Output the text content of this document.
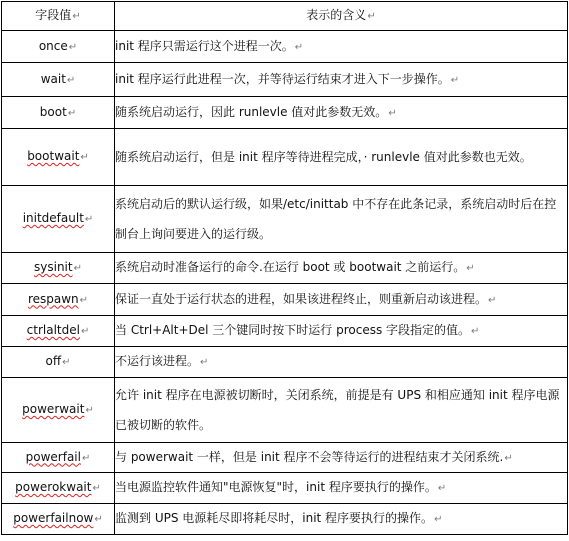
字段值↵	表示的含义↵
once↵	init 程序只需运行这个进程一次。↵
wait↵	init 程序运行此进程一次，并等待运行结束才进入下一步操作。↵
boot↵	随系统启动运行，因此 runlevle 值对此参数无效。↵
bootwait↵	随系统启动运行，但是 init 程序等待进程完成，· runlevle 值对此参数也无效。

initdefault↵	系统启动后的默认运行级，如果/etc/inittab 中不存在此条记录，系统启动时后在控制台上询问要进入的运行级。

sysinit↵	系统启动时准备运行的命令.在运行 boot 或 bootwait 之前运行。↵
respawn↵	保证一直处于运行状态的进程，如果该进程终止，则重新启动该进程。↵
ctrlaltdel↵	当 Ctrl+Alt+Del 三个键同时按下时运行 process 字段指定的值。↵
off↵	不运行该进程。↵
powerwait↵	允许 init 程序在电源被切断时，关闭系统，前提是有 UPS 和相应通知 init 程序电源已被切断的软件。

powerfail↵	与 powerwait 一样，但是 init 程序不会等待运行的进程结束才关闭系统.↵
powerokwait↵	当电源监控软件通知"电源恢复"时，init 程序要执行的操作。↵
powerfailnow↵	监测到 UPS 电源耗尽即将耗尽时，init 程序要执行的操作。↵
